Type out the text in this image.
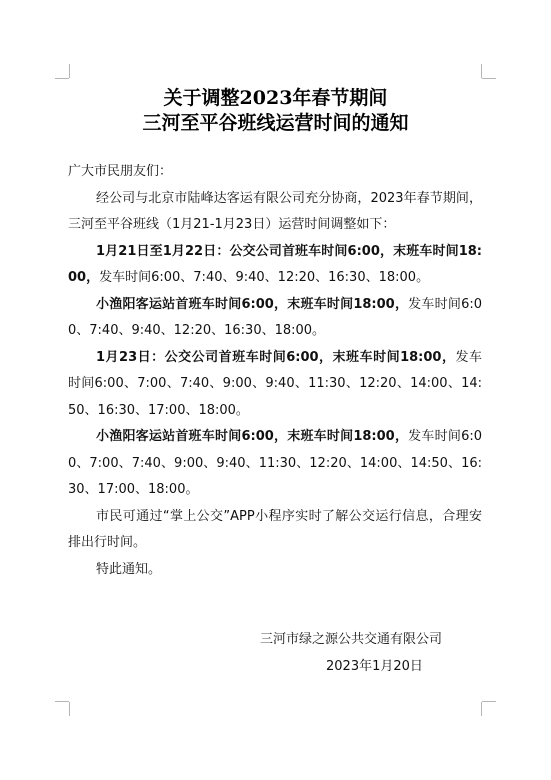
关于调整2023年春节期间
三河至平谷班线运营时间的通知

广大市民朋友们：

经公司与北京市陆峰达客运有限公司充分协商，2023年春节期间，三河至平谷班线（1月21-1月23日）运营时间调整如下：

1月21日至1月22日：公交公司首班车时间6:00，末班车时间18:00，发车时间6:00、7:40、9:40、12:20、16:30、18:00。

小渔阳客运站首班车时间6:00，末班车时间18:00，发车时间6:00、7:40、9:40、12:20、16:30、18:00。

1月23日：公交公司首班车时间6:00，末班车时间18:00，发车时间6:00、7:00、7:40、9:00、9:40、11:30、12:20、14:00、14:50、16:30、17:00、18:00。

小渔阳客运站首班车时间6:00，末班车时间18:00，发车时间6:00、7:00、7:40、9:00、9:40、11:30、12:20、14:00、14:50、16:30、17:00、18:00。

市民可通过“掌上公交”APP小程序实时了解公交运行信息，合理安排出行时间。

特此通知。

三河市绿之源公共交通有限公司
2023年1月20日
